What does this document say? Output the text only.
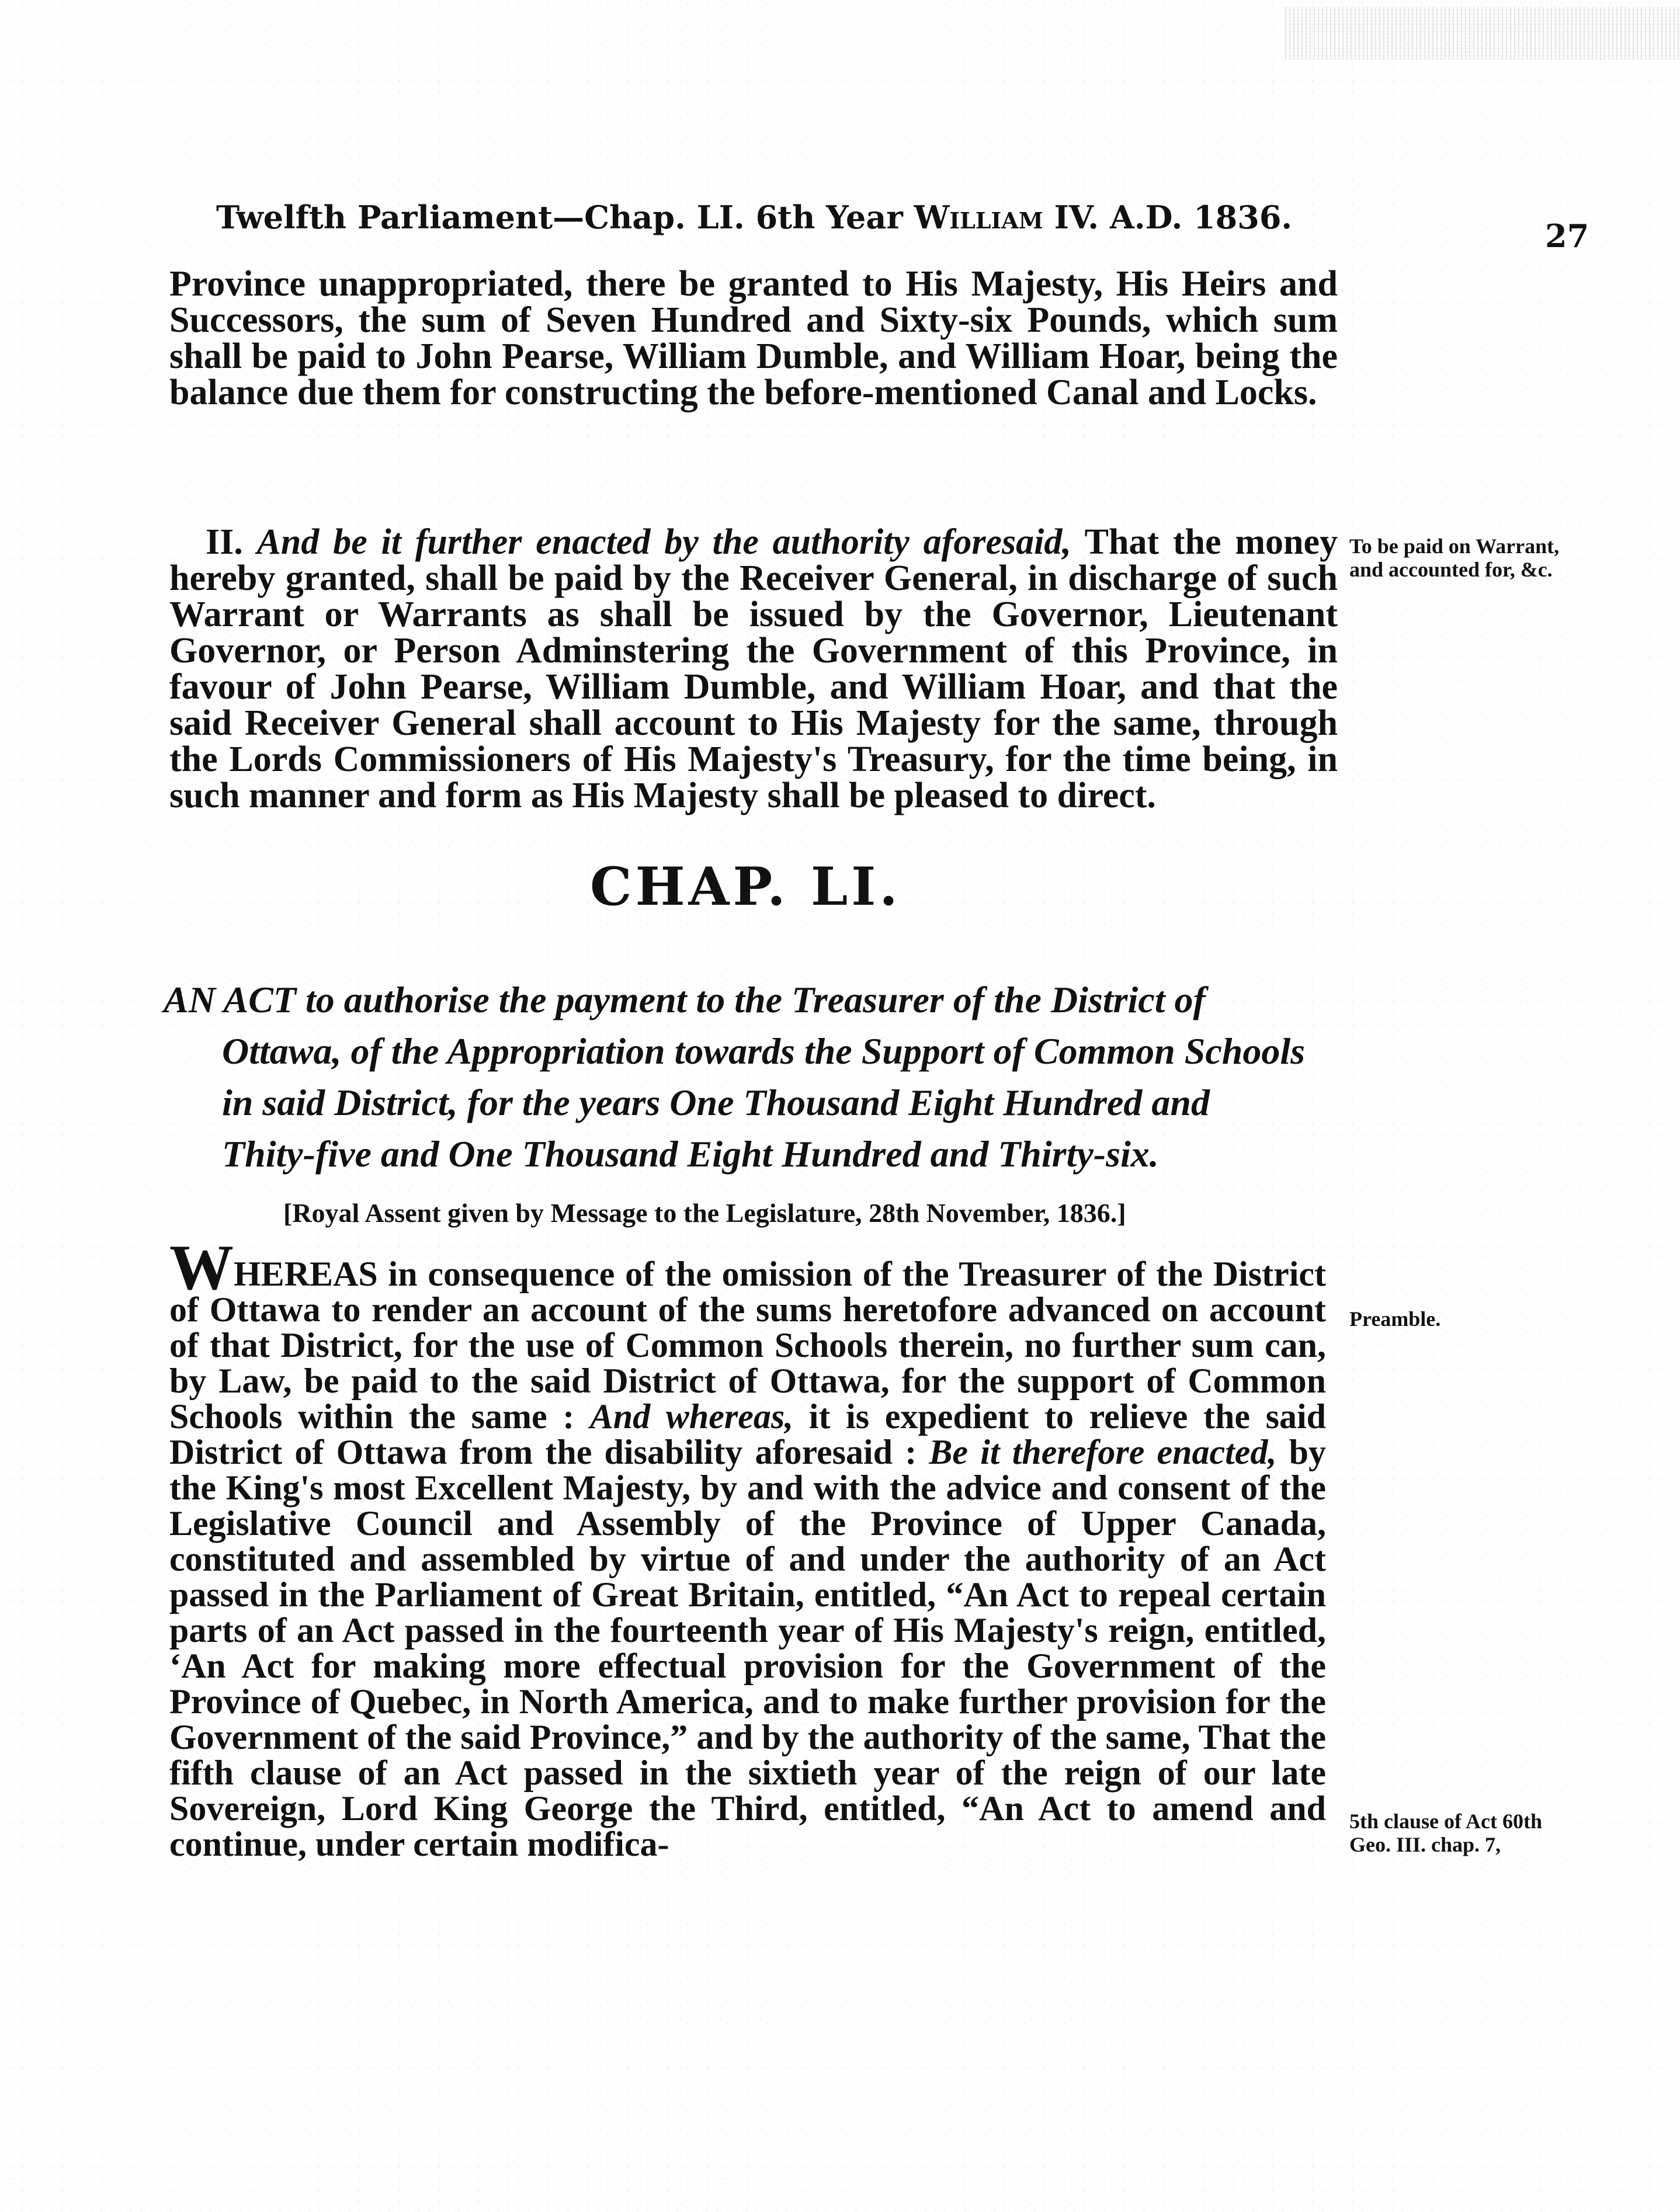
Twelfth Parliament—Chap. LI. 6th Year William IV. A.D. 1836.	27

Province unappropriated, there be granted to His Majesty, His Heirs and Successors, the sum of Seven Hundred and Sixty-six Pounds, which sum shall be paid to John Pearse, William Dumble, and William Hoar, being the balance due them for constructing the before-mentioned Canal and Locks.

 II. And be it further enacted by the authority aforesaid, That the money hereby granted, shall be paid by the Receiver General, in discharge of such Warrant or Warrants as shall be issued by the Governor, Lieutenant Governor, or Person Adminstering the Government of this Province, in favour of John Pearse, William Dumble, and William Hoar, and that the said Receiver General shall account to His Majesty for the same, through the Lords Commissioners of His Majesty's Treasury, for the time being, in such manner and form as His Majesty shall be pleased to direct.

To be paid on Warrant, and accounted for, &c.
CHAP. LI.
AN ACT to authorise the payment to the Treasurer of the District of
Ottawa, of the Appropriation towards the Support of Common Schools
in said District, for the years One Thousand Eight Hundred and
Thity-five and One Thousand Eight Hundred and Thirty-six.
[Royal Assent given by Message to the Legislature, 28th November, 1836.]

WHEREAS in consequence of the omission of the Treasurer of the District of Ottawa to render an account of the sums heretofore advanced on account of that District, for the use of Common Schools therein, no further sum can, by Law, be paid to the said District of Ottawa, for the support of Common Schools within the same : And whereas, it is expedient to relieve the said District of Ottawa from the disability aforesaid : Be it therefore enacted, by the King's most Excellent Majesty, by and with the advice and consent of the Legislative Council and Assembly of the Province of Upper Canada, constituted and assembled by virtue of and under the authority of an Act passed in the Parliament of Great Britain, entitled, “An Act to repeal certain parts of an Act passed in the fourteenth year of His Majesty's reign, entitled, ‘An Act for making more effectual provision for the Government of the Province of Quebec, in North America, and to make further provision for the Government of the said Province,” and by the authority of the same, That the fifth clause of an Act passed in the sixtieth year of the reign of our late Sovereign, Lord King George the Third, entitled, “An Act to amend and continue, under certain modifica-

Preamble.
5th clause of Act 60th Geo. III. chap. 7,
